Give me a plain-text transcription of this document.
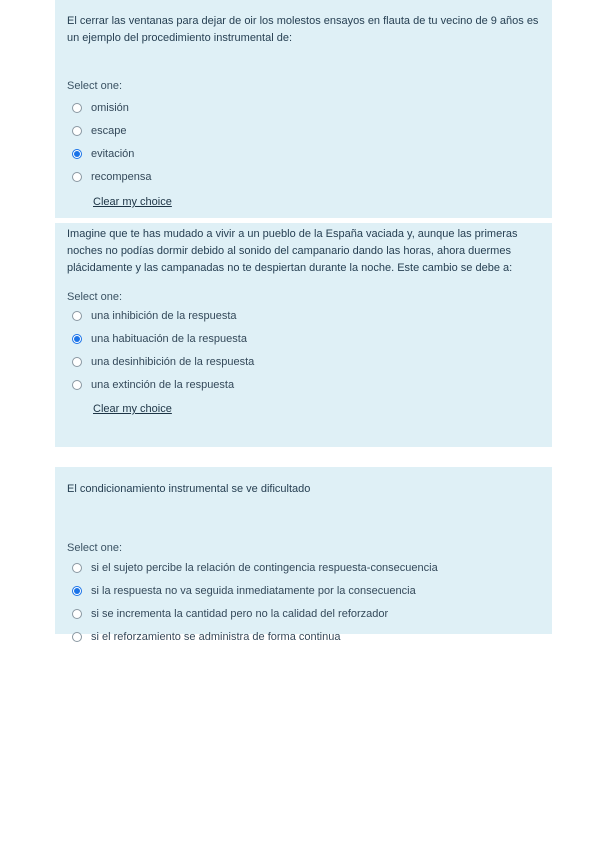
El cerrar las ventanas para dejar de oir los molestos ensayos en flauta de tu vecino de 9 años es un ejemplo del procedimiento instrumental de:
Select one:
omisión
escape
evitación
recompensa
Clear my choice
Imagine que te has mudado a vivir a un pueblo de la España vaciada y, aunque las primeras noches no podías dormir debido al sonido del campanario dando las horas, ahora duermes plácidamente y las campanadas no te despiertan durante la noche. Este cambio se debe a:
Select one:
una inhibición de la respuesta
una habituación de la respuesta
una desinhibición de la respuesta
una extinción de la respuesta
Clear my choice
El condicionamiento instrumental se ve dificultado
Select one:
si el sujeto percibe la relación de contingencia respuesta-consecuencia
si la respuesta no va seguida inmediatamente por la consecuencia
si se incrementa la cantidad pero no la calidad del reforzador
si el reforzamiento se administra de forma continua
